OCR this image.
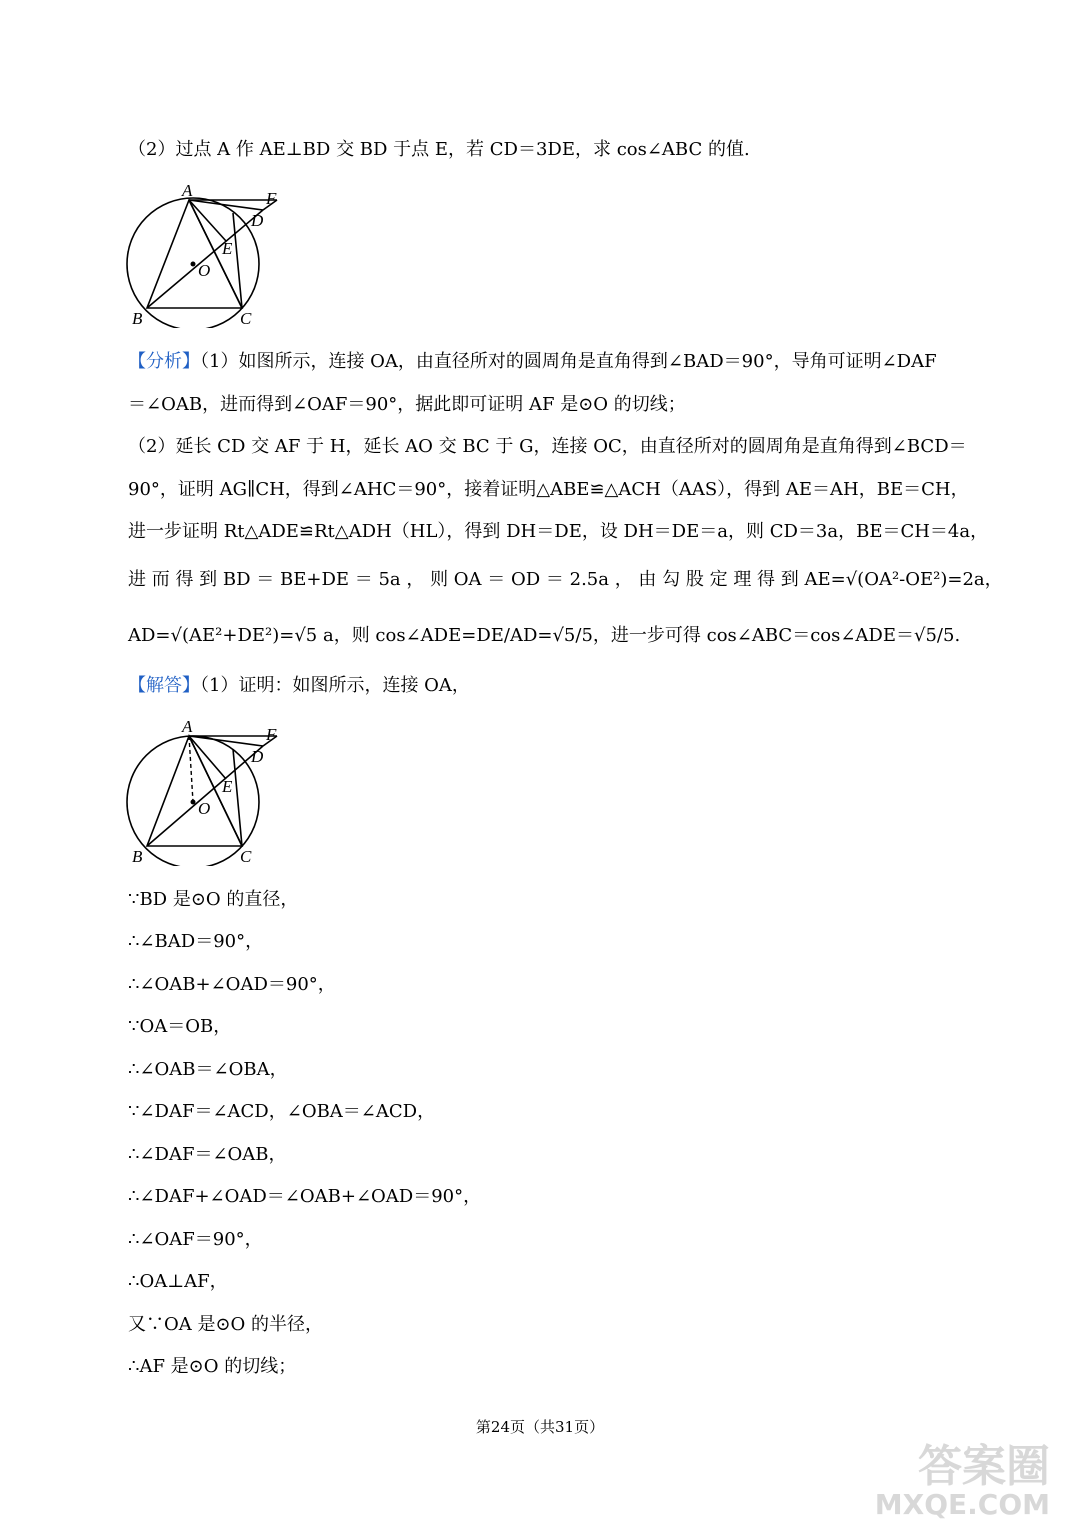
（2）过点 A 作 AE⊥BD 交 BD 于点 E，若 CD＝3DE，求 cos∠ABC 的值.
A	F
D
E
O
B	C
【分析】（1）如图所示，连接 OA，由直径所对的圆周角是直角得到∠BAD＝90°，导角可证明∠DAF
＝∠OAB，进而得到∠OAF＝90°，据此即可证明 AF 是⊙O 的切线；
（2）延长 CD 交 AF 于 H，延长 AO 交 BC 于 G，连接 OC，由直径所对的圆周角是直角得到∠BCD＝
90°，证明 AG∥CH，得到∠AHC＝90°，接着证明△ABE≌△ACH（AAS），得到 AE＝AH，BE＝CH，
进一步证明 Rt△ADE≌Rt△ADH（HL），得到 DH＝DE，设 DH＝DE＝a，则 CD＝3a，BE＝CH＝4a，
进 而 得 到 BD ＝ BE+DE ＝ 5a ， 则 OA ＝ OD ＝ 2.5a ， 由 勾 股 定 理 得 到 AE=√(OA²-OE²)=2a，
AD=√(AE²+DE²)=√5 a，则 cos∠ADE=DE/AD=√5/5，进一步可得 cos∠ABC＝cos∠ADE＝√5/5.
【解答】（1）证明：如图所示，连接 OA，
A	F
D
E
O
B	C
∵BD 是⊙O 的直径，
∴∠BAD＝90°，
∴∠OAB+∠OAD＝90°，
∵OA＝OB，
∴∠OAB＝∠OBA，
∵∠DAF＝∠ACD，∠OBA＝∠ACD，
∴∠DAF＝∠OAB，
∴∠DAF+∠OAD＝∠OAB+∠OAD＝90°，
∴∠OAF＝90°，
∴OA⊥AF，
又∵OA 是⊙O 的半径，
∴AF 是⊙O 的切线；
第24页（共31页）
答案圈
MXQE.COM
